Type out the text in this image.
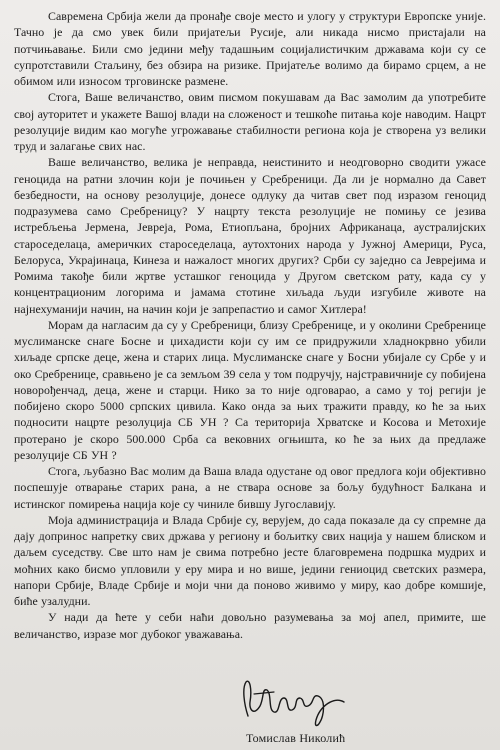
Савремена Србија жели да пронађе своје место и улогу у структури Европске уније. Тачно је да смо увек били пријатељи Русије, али никада нисмо пристајали на потчињавање. Били смо једини међу тадашњим социјалистичким државама који су се супротставили Стаљину, без обзира на ризике. Пријатеље волимо да бирамо срцем, а не обимом или износом трговинске размене.

Стога, Ваше величанство, овим писмом покушавам да Вас замолим да употребите свој ауторитет и укажете Вашој влади на сложеност и тешкоће питања које наводим. Нацрт резолуције видим као могуће угрожавање стабилности региона која је створена уз велики труд и залагање свих нас.

Ваше величанство, велика је неправда, неистинито и неодговорно сводити ужасе геноцида на ратни злочин који је почињен у Сребреници. Да ли је нормално да Савет безбедности, на основу резолуције, донесе одлуку да читав свет под изразом геноцид подразумева само Сребреницу? У нацрту текста резолуције не помињу се језива истребљења Јермена, Јевреја, Рома, Етиопљана, бројних Африканаца, аустралијских староседелаца, америчких староседелаца, аутохтоних народа у Јужној Америци, Руса, Белоруса, Украјинаца, Кинеза и нажалост многих других? Срби су заједно са Јеврејима и Ромима такође били жртве усташког геноцида у Другом светском рату, када су у концентрационим логорима и јамама стотине хиљада људи изгубиле животе на најнехуманији начин, на начин који је запрепастио и самог Хитлера!

Морам да нагласим да су у Сребреници, близу Сребренице, и у околини Сребренице муслиманске снаге Босне и џихадисти који су им се придружили хладнокрвно убили хиљаде српске деце, жена и старих лица. Муслиманске снаге у Босни убијале су Србе у и око Сребренице, сравњено је са земљом 39 села у том подручју, најстравичније су побијена новорођенчад, деца, жене и старци. Нико за то није одговарао, а само у тој регији је побијено скоро 5000 српских цивила. Како онда за њих тражити правду, ко ће за њих подносити нацрте резолуција СБ УН ? Са територија Хрватске и Косова и Метохије протерано је скоро 500.000 Срба са вековних огњишта, ко ће за њих да предлаже резолуције СБ УН ?

Стога, љубазно Вас молим да Ваша влада одустане од овог предлога који објективно поспешује отварање старих рана, а не ствара основе за бољу будућност Балкана и истинског помирења нација које су чиниле бившу Југославију.

Моја администрација и Влада Србије су, верујем, до сада показале да су спремне да дају допринос напретку свих држава у региону и бољитку свих нација у нашем блиском и даљем суседству. Све што нам је свима потребно јесте благовремена подршка мудрих и моћних како бисмо упловили у еру мира и но више, једини гениоцид светских размера, напори Србије, Владе Србије и моји чни да поново живимо у миру, као добре комшије, биће узалудни.

У нади да ћете у себи наћи довољно разумевања за мој апел, примите, ше величанство, изразе мог дубоког уважавања.

Томислав Николић
